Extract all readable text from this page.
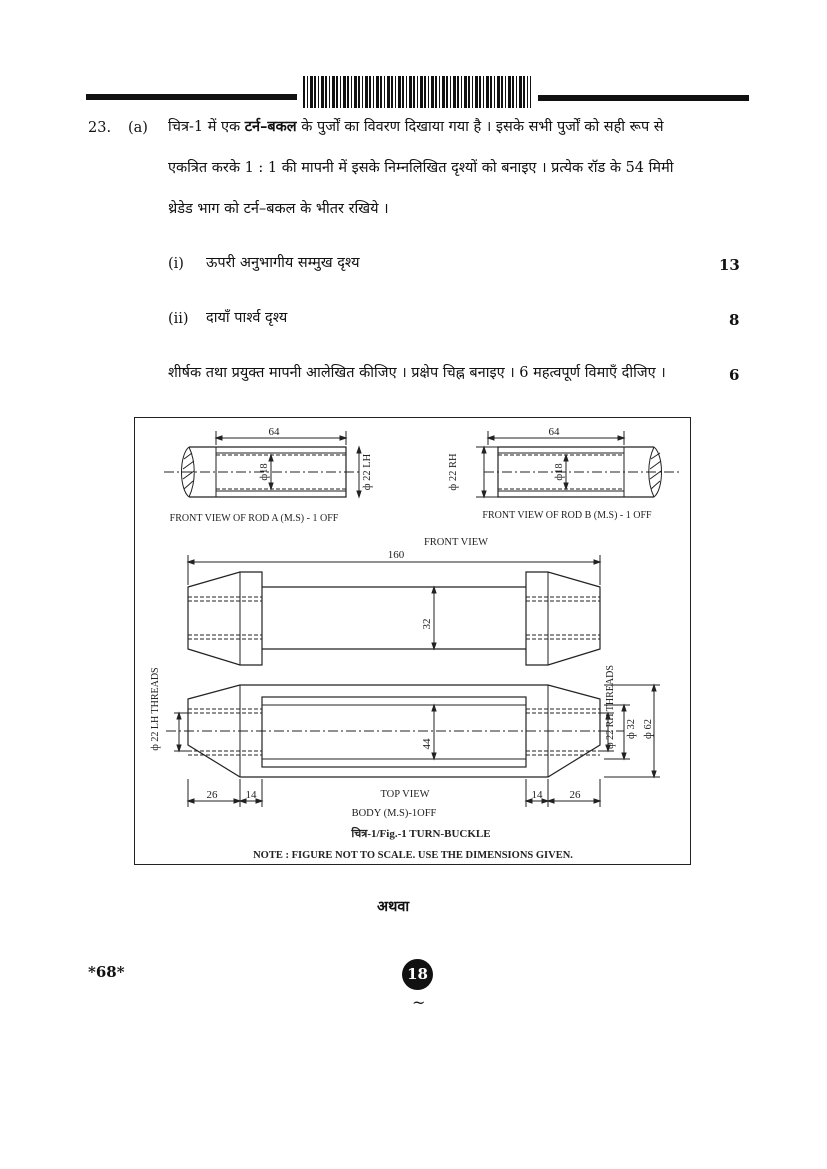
23. (a) चित्र-1 में एक टर्न–बकल के पुर्जों का विवरण दिखाया गया है । इसके सभी पुर्जों को सही रूप से
एकत्रित करके 1 : 1 की मापनी में इसके निम्नलिखित दृश्यों को बनाइए । प्रत्येक रॉड के 54 मिमी
थ्रेडेड भाग को टर्न–बकल के भीतर रखिये ।
(i) ऊपरी अनुभागीय सम्मुख दृश्य	13
(ii) दायाँ पार्श्व दृश्य	8
शीर्षक तथा प्रयुक्त मापनी आलेखित कीजिए । प्रक्षेप चिह्न बनाइए । 6 महत्वपूर्ण विमाएँ दीजिए ।	6
64
ф18	ф 22 LH
FRONT VIEW OF ROD A (M.S) - 1 OFF
64
ф18
ф 22 RH
FRONT VIEW OF ROD B (M.S) - 1 OFF
FRONT VIEW
160
32
ф 22 LH THREADS	ф 22 RH THREADS
44
ф 32 ф 62
26	14	14 26
TOP VIEW
BODY (M.S)-1OFF
चित्र-1/Fig.-1 TURN-BUCKLE
NOTE : FIGURE NOT TO SCALE. USE THE DIMENSIONS GIVEN.
अथवा
*68*	18
~
